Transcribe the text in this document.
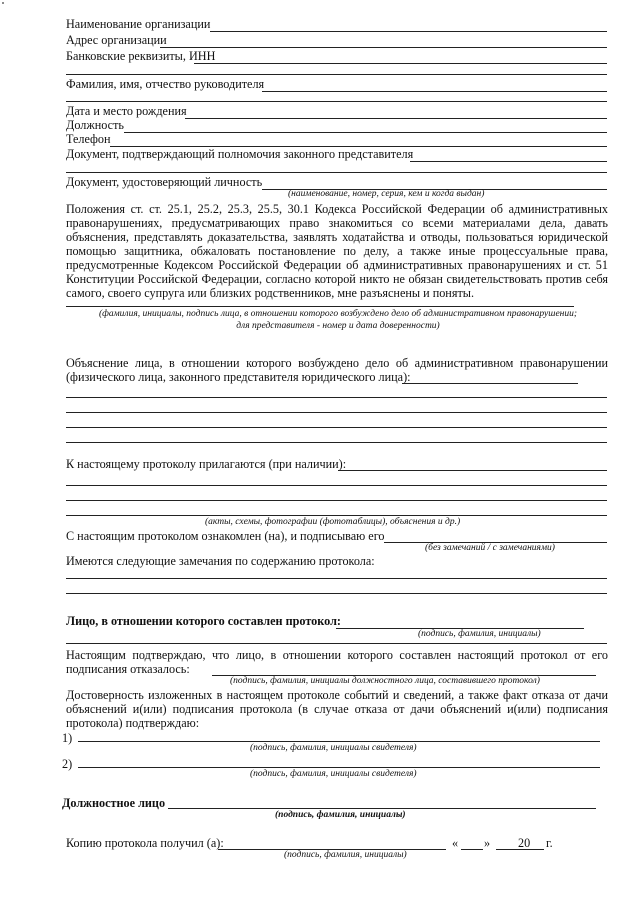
Наименование организации
Адрес организации
Банковские реквизиты, ИНН
Фамилия, имя, отчество руководителя
Дата и место рождения
Должность
Телефон
Документ, подтверждающий полномочия законного представителя
Документ, удостоверяющий личность
(наименование, номер, серия, кем и когда выдан)
Положения ст. ст. 25.1, 25.2, 25.3, 25.5, 30.1 Кодекса Российской Федерации об административных
правонарушениях, предусматривающих право знакомиться со всеми материалами дела, давать
объяснения, представлять доказательства, заявлять ходатайства и отводы, пользоваться юридической
помощью защитника, обжаловать постановление по делу, а также иные процессуальные права,
предусмотренные Кодексом Российской Федерации об административных правонарушениях и ст. 51
Конституции Российской Федерации, согласно которой никто не обязан свидетельствовать против себя
самого, своего супруга или близких родственников, мне разъяснены и поняты.
(фамилия, инициалы, подпись лица, в отношении которого возбуждено дело об административном правонарушении;
для представителя - номер и дата доверенности)
Объяснение лица, в отношении которого возбуждено дело об административном правонарушении
(физического лица, законного представителя юридического лица):
К настоящему протоколу прилагаются (при наличии):
(акты, схемы, фотографии (фототаблицы), объяснения и др.)
С настоящим протоколом ознакомлен (на), и подписываю его
(без замечаний / с замечаниями)
Имеются следующие замечания по содержанию протокола:
Лицо, в отношении которого составлен протокол:
(подпись, фамилия, инициалы)
Настоящим подтверждаю, что лицо, в отношении которого составлен настоящий протокол от его
подписания отказалось:
(подпись, фамилия, инициалы должностного лица, составившего протокол)
Достоверность изложенных в настоящем протоколе событий и сведений, а также факт отказа от дачи
объяснений и(или) подписания протокола (в случае отказа от дачи объяснений и(или) подписания
протокола) подтверждаю:
1)
(подпись, фамилия, инициалы свидетеля)
2)
(подпись, фамилия, инициалы свидетеля)
Должностное лицо
(подпись, фамилия, инициалы)
Копию протокола получил (а):	« » 20 г.
(подпись, фамилия, инициалы)
